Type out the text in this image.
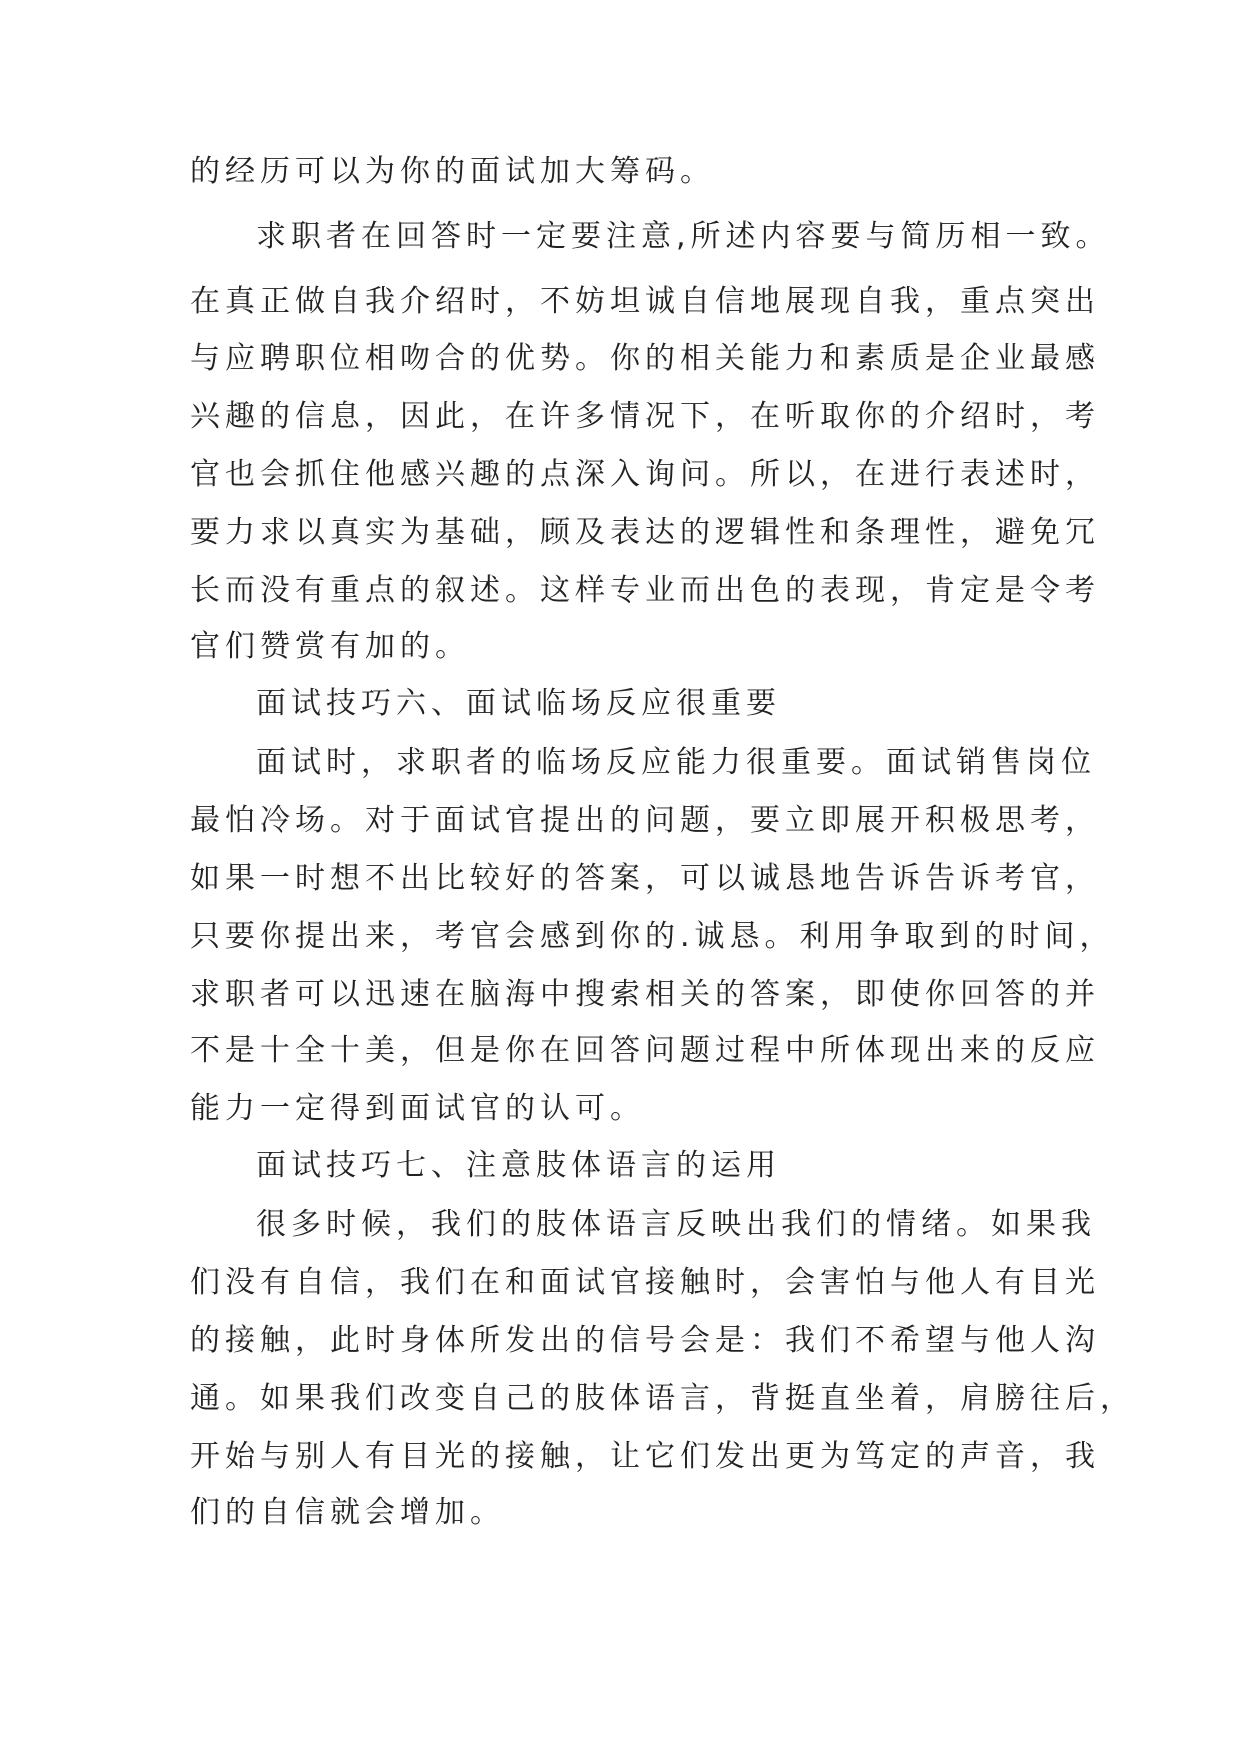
的经历可以为你的面试加大筹码。
求职者在回答时一定要注意,所述内容要与简历相一致。
在真正做自我介绍时，不妨坦诚自信地展现自我，重点突出
与应聘职位相吻合的优势。你的相关能力和素质是企业最感
兴趣的信息，因此，在许多情况下，在听取你的介绍时，考
官也会抓住他感兴趣的点深入询问。所以，在进行表述时，
要力求以真实为基础，顾及表达的逻辑性和条理性，避免冗
长而没有重点的叙述。这样专业而出色的表现，肯定是令考
官们赞赏有加的。
面试技巧六、面试临场反应很重要
面试时，求职者的临场反应能力很重要。面试销售岗位
最怕冷场。对于面试官提出的问题，要立即展开积极思考，
如果一时想不出比较好的答案，可以诚恳地告诉告诉考官，
只要你提出来，考官会感到你的.诚恳。利用争取到的时间，
求职者可以迅速在脑海中搜索相关的答案，即使你回答的并
不是十全十美，但是你在回答问题过程中所体现出来的反应
能力一定得到面试官的认可。
面试技巧七、注意肢体语言的运用
很多时候，我们的肢体语言反映出我们的情绪。如果我
们没有自信，我们在和面试官接触时，会害怕与他人有目光
的接触，此时身体所发出的信号会是：我们不希望与他人沟
通。如果我们改变自己的肢体语言，背挺直坐着，肩膀往后，
开始与别人有目光的接触，让它们发出更为笃定的声音，我
们的自信就会增加。
